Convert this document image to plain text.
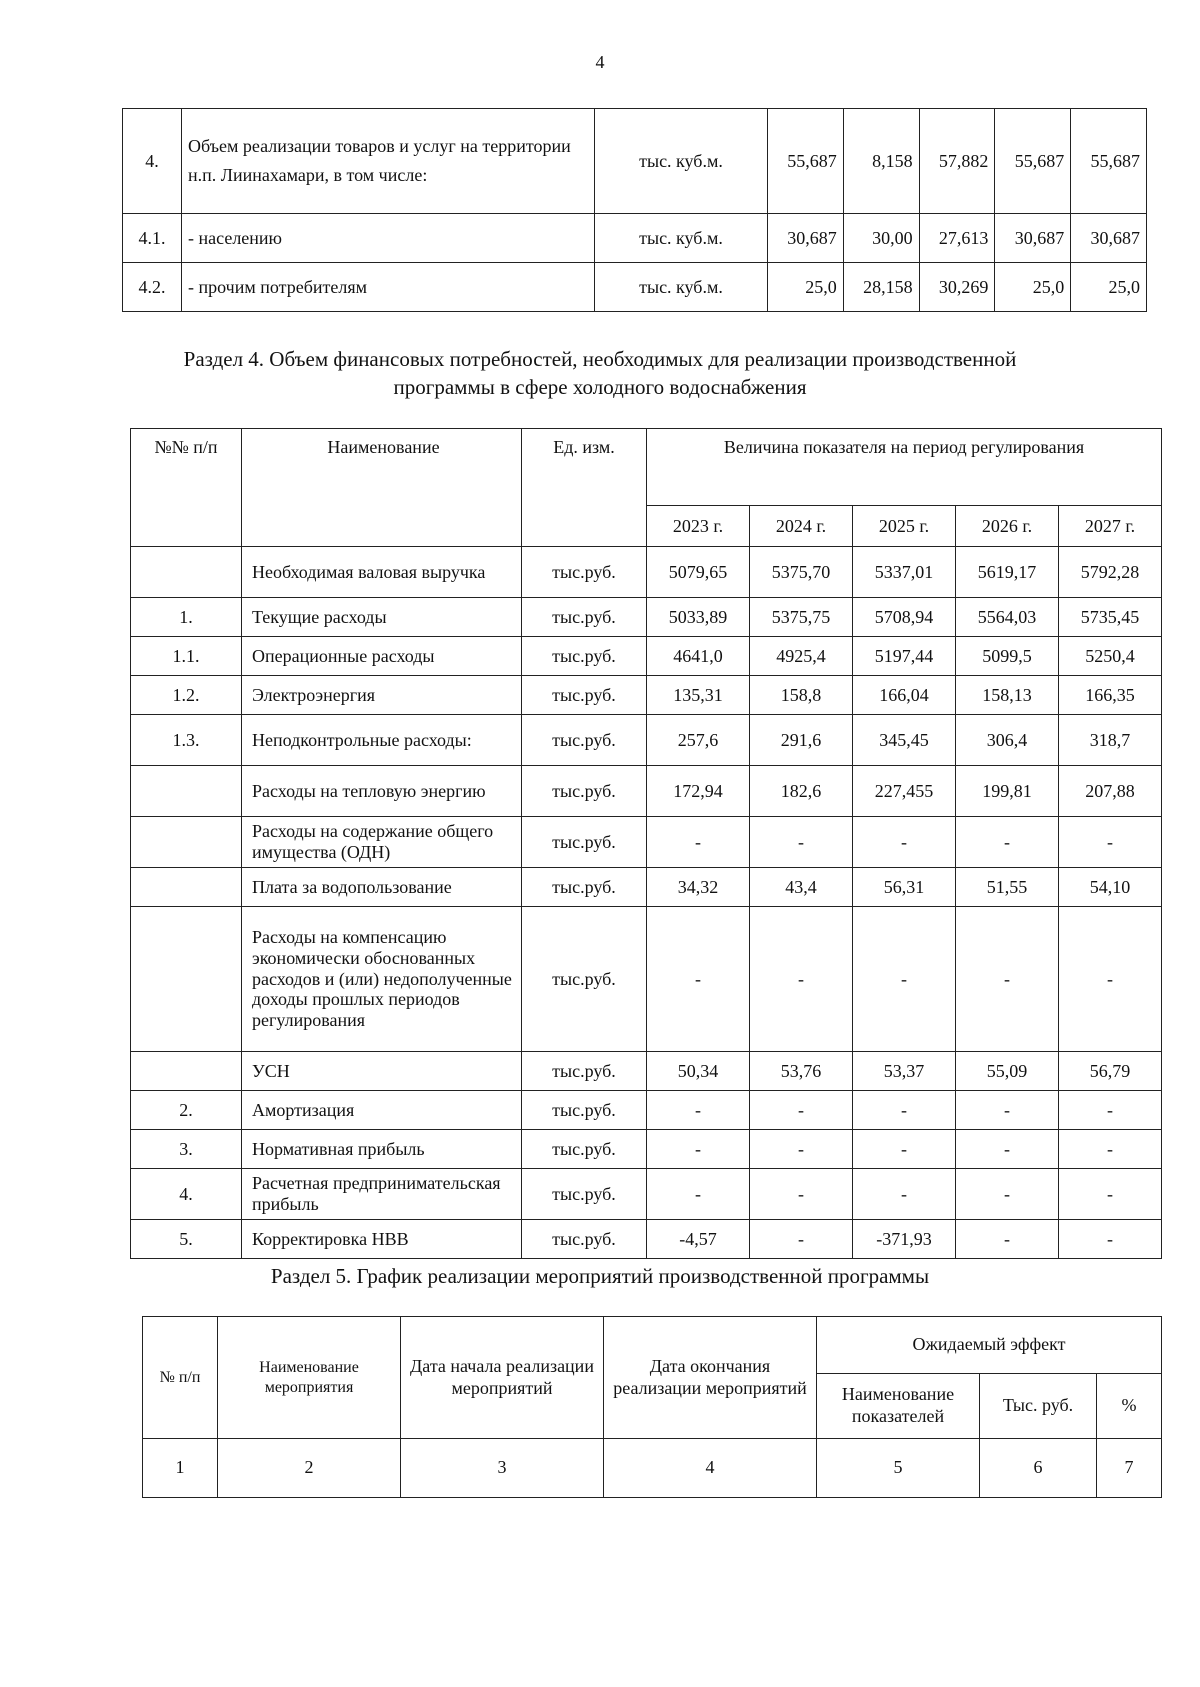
4
4.	Объем реализации товаров и услуг на территории н.п. Лиинахамари, в том числе:	тыс. куб.м.	55,687	8,158	57,882	55,687	55,687
4.1.	- населению	тыс. куб.м.	30,687	30,00	27,613	30,687	30,687
4.2.	- прочим потребителям	тыс. куб.м.	25,0	28,158	30,269	25,0	25,0
Раздел 4. Объем финансовых потребностей, необходимых для реализации производственной
программы в сфере холодного водоснабжения
№№ п/п	Наименование	Ед. изм.	Величина показателя на период регулирования				
			2023 г.	2024 г.	2025 г.	2026 г.	2027 г.
	Необходимая валовая выручка	тыс.руб.	5079,65	5375,70	5337,01	5619,17	5792,28
1.	Текущие расходы	тыс.руб.	5033,89	5375,75	5708,94	5564,03	5735,45
1.1.	Операционные расходы	тыс.руб.	4641,0	4925,4	5197,44	5099,5	5250,4
1.2.	Электроэнергия	тыс.руб.	135,31	158,8	166,04	158,13	166,35
1.3.	Неподконтрольные расходы:	тыс.руб.	257,6	291,6	345,45	306,4	318,7
	Расходы на тепловую энергию	тыс.руб.	172,94	182,6	227,455	199,81	207,88
	Расходы на содержание общего имущества (ОДН)	тыс.руб.	-	-	-	-	-
	Плата за водопользование	тыс.руб.	34,32	43,4	56,31	51,55	54,10
	Расходы на компенсацию экономически обоснованных расходов и (или) недополученные доходы прошлых периодов регулирования	тыс.руб.	-	-	-	-	-
	УСН	тыс.руб.	50,34	53,76	53,37	55,09	56,79
2.	Амортизация	тыс.руб.	-	-	-	-	-
3.	Нормативная прибыль	тыс.руб.	-	-	-	-	-
4.	Расчетная предпринимательская прибыль	тыс.руб.	-	-	-	-	-
5.	Корректировка НВВ	тыс.руб.	-4,57	-	-371,93	-	-
Раздел 5. График реализации мероприятий производственной программы
№ п/п	Наименование мероприятия	Дата начала реализации мероприятий	Дата окончания реализации мероприятий	Ожидаемый эффект		
				Наименование показателей	Тыс. руб.	%
1	2	3	4	5	6	7
